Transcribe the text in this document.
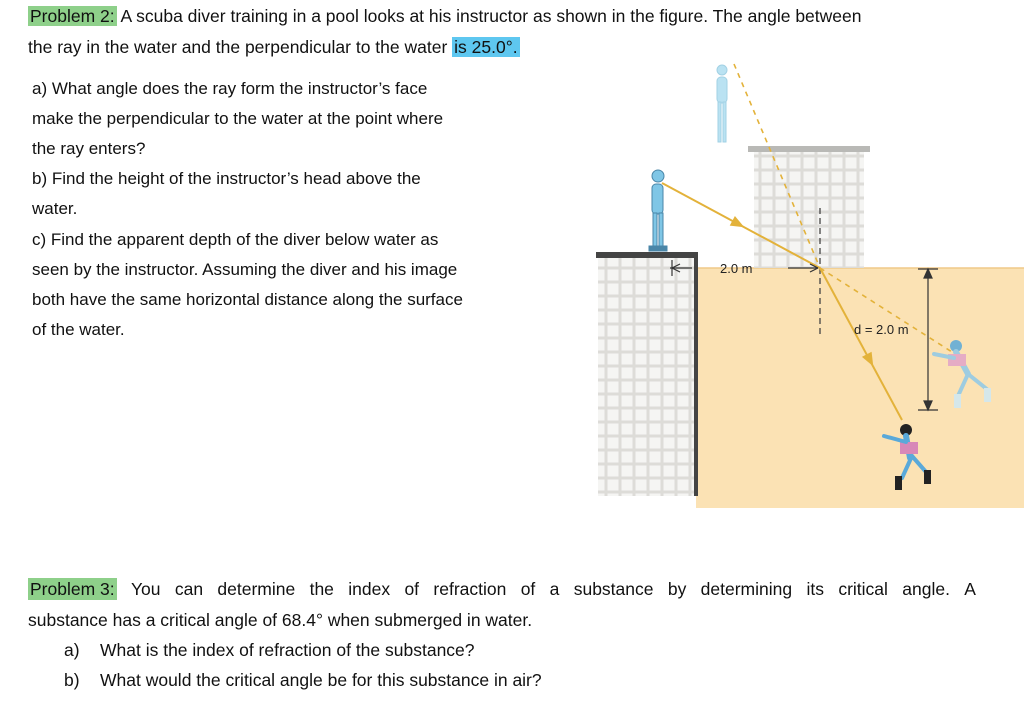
Problem 2: A scuba diver training in a pool looks at his instructor as shown in the figure. The angle between
the ray in the water and the perpendicular to the water is 25.0°.
a) What angle does the ray form the instructor’s face
make the perpendicular to the water at the point where
the ray enters?
b) Find the height of the instructor’s head above the
water.
c) Find the apparent depth of the diver below water as
seen by the instructor. Assuming the diver and his image
both have the same horizontal distance along the surface
of the water.
2.0 m
d = 2.0 m
Problem 3: You can determine the index of refraction of a substance by determining its critical angle. A
substance has a critical angle of 68.4° when submerged in water.
a) What is the index of refraction of the substance?
b) What would the critical angle be for this substance in air?
